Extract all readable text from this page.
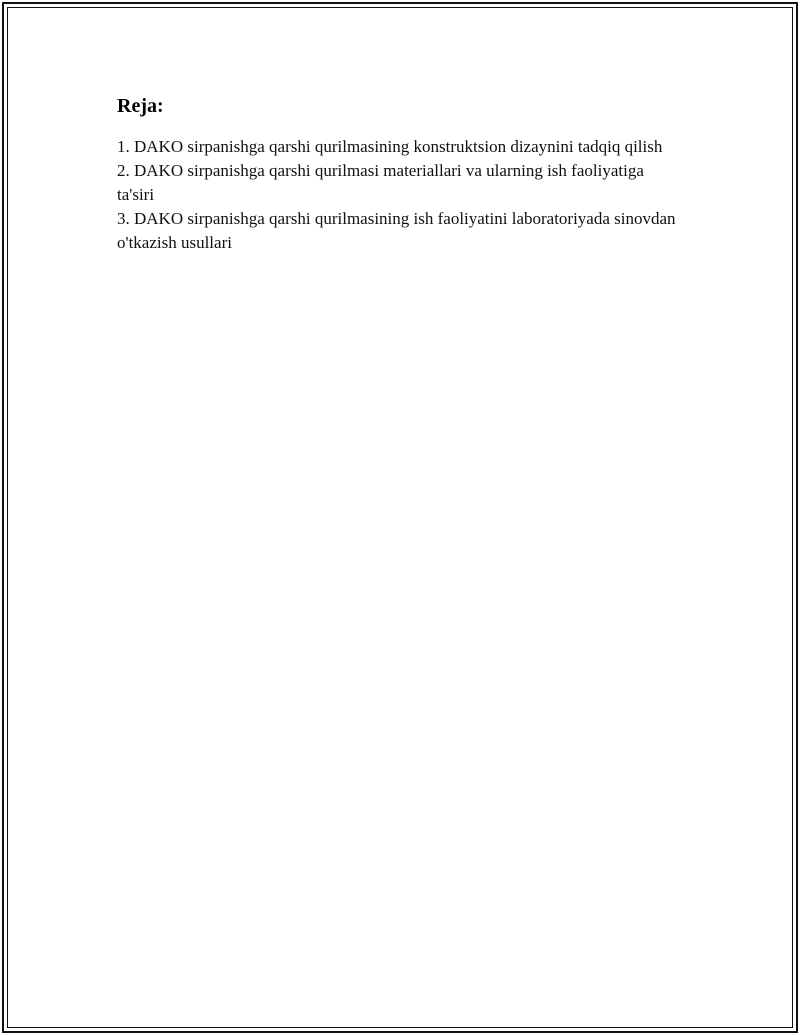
Reja:
1. DAKO sirpanishga qarshi qurilmasining konstruktsion dizaynini tadqiq qilish
2. DAKO sirpanishga qarshi qurilmasi materiallari va ularning ish faoliyatiga ta'siri
3. DAKO sirpanishga qarshi qurilmasining ish faoliyatini laboratoriyada sinovdan o'tkazish usullari
